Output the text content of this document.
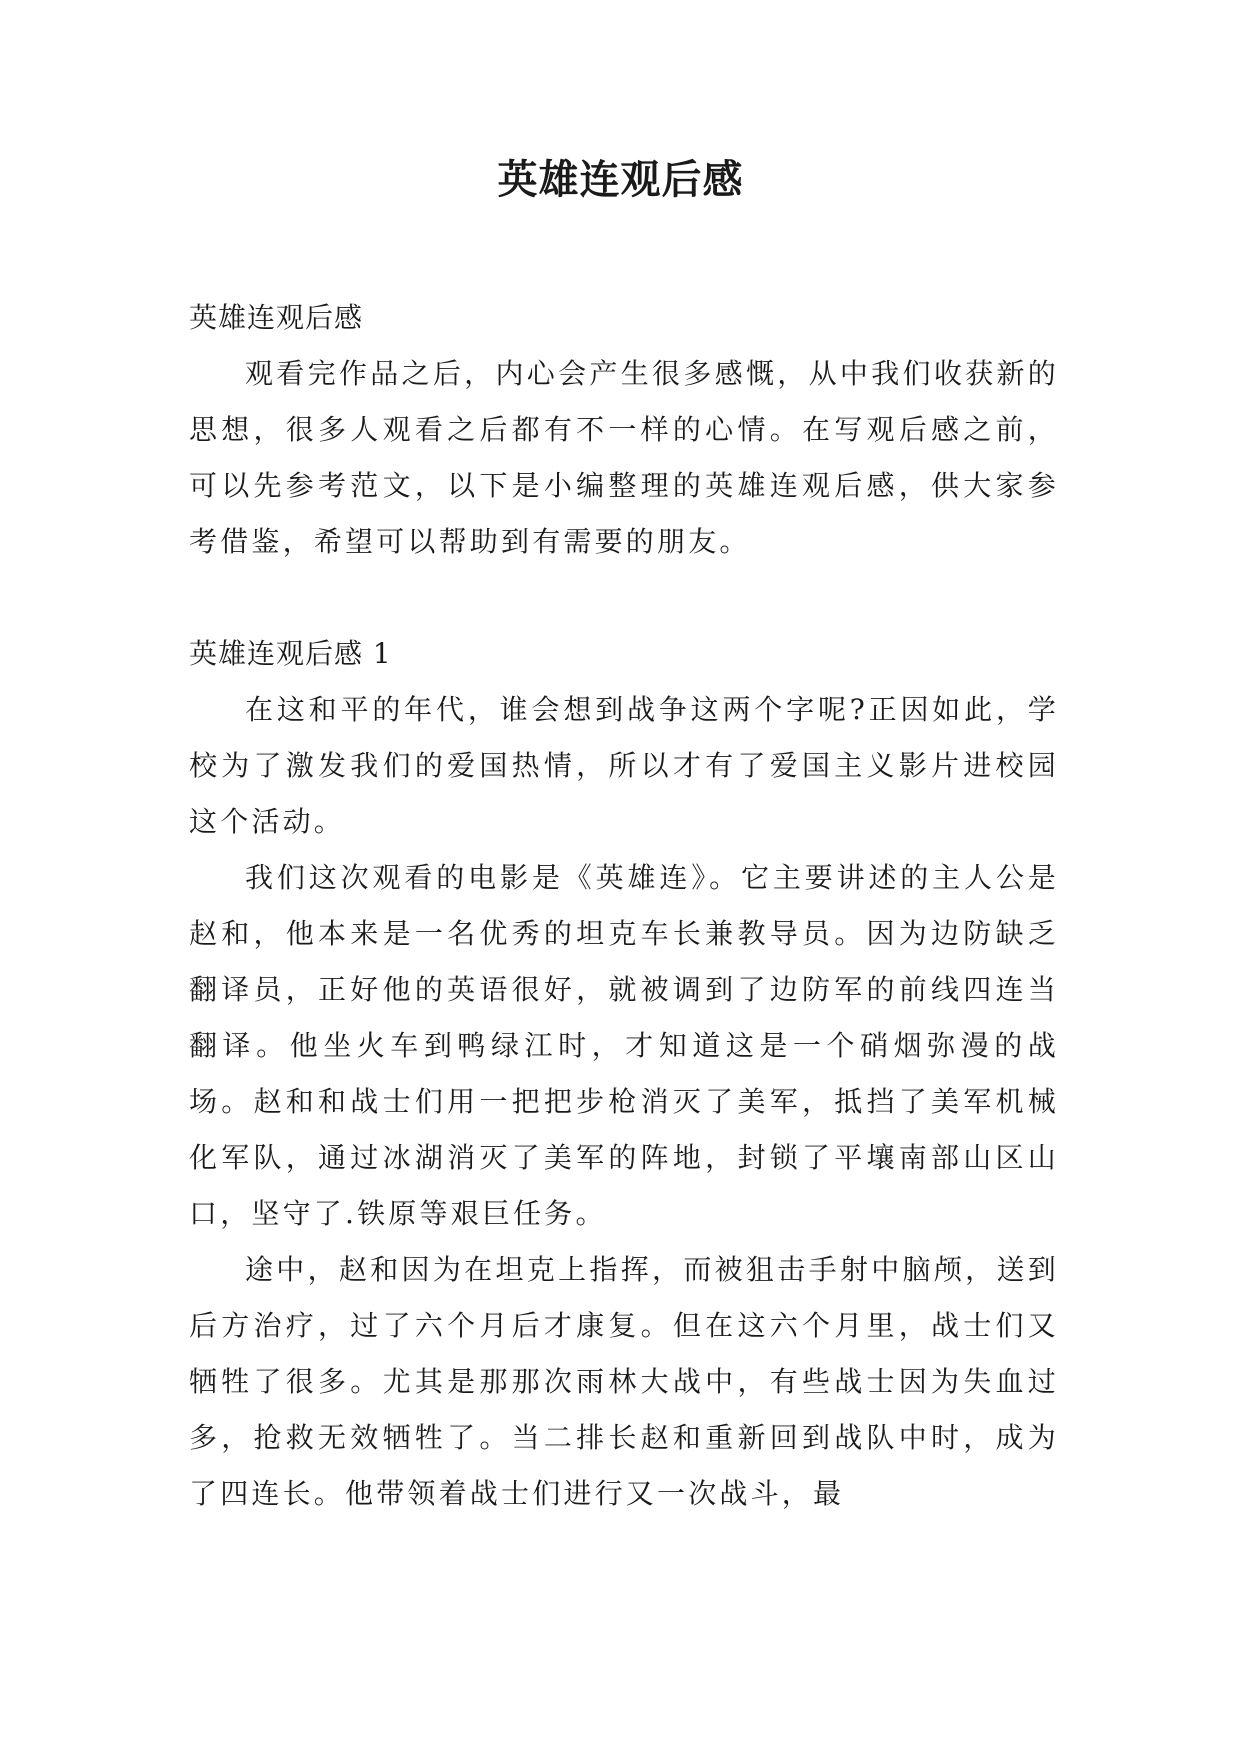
英雄连观后感

英雄连观后感

观看完作品之后，内心会产生很多感慨，从中我们收获新的思想，很多人观看之后都有不一样的心情。在写观后感之前，可以先参考范文，以下是小编整理的英雄连观后感，供大家参考借鉴，希望可以帮助到有需要的朋友。

英雄连观后感 1

在这和平的年代，谁会想到战争这两个字呢?正因如此，学校为了激发我们的爱国热情，所以才有了爱国主义影片进校园这个活动。

我们这次观看的电影是《英雄连》。它主要讲述的主人公是赵和，他本来是一名优秀的坦克车长兼教导员。因为边防缺乏翻译员，正好他的英语很好，就被调到了边防军的前线四连当翻译。他坐火车到鸭绿江时，才知道这是一个硝烟弥漫的战场。赵和和战士们用一把把步枪消灭了美军，抵挡了美军机械化军队，通过冰湖消灭了美军的阵地，封锁了平壤南部山区山口，坚守了.铁原等艰巨任务。

途中，赵和因为在坦克上指挥，而被狙击手射中脑颅，送到后方治疗，过了六个月后才康复。但在这六个月里，战士们又牺牲了很多。尤其是那那次雨林大战中，有些战士因为失血过多，抢救无效牺牲了。当二排长赵和重新回到战队中时，成为了四连长。他带领着战士们进行又一次战斗，最
